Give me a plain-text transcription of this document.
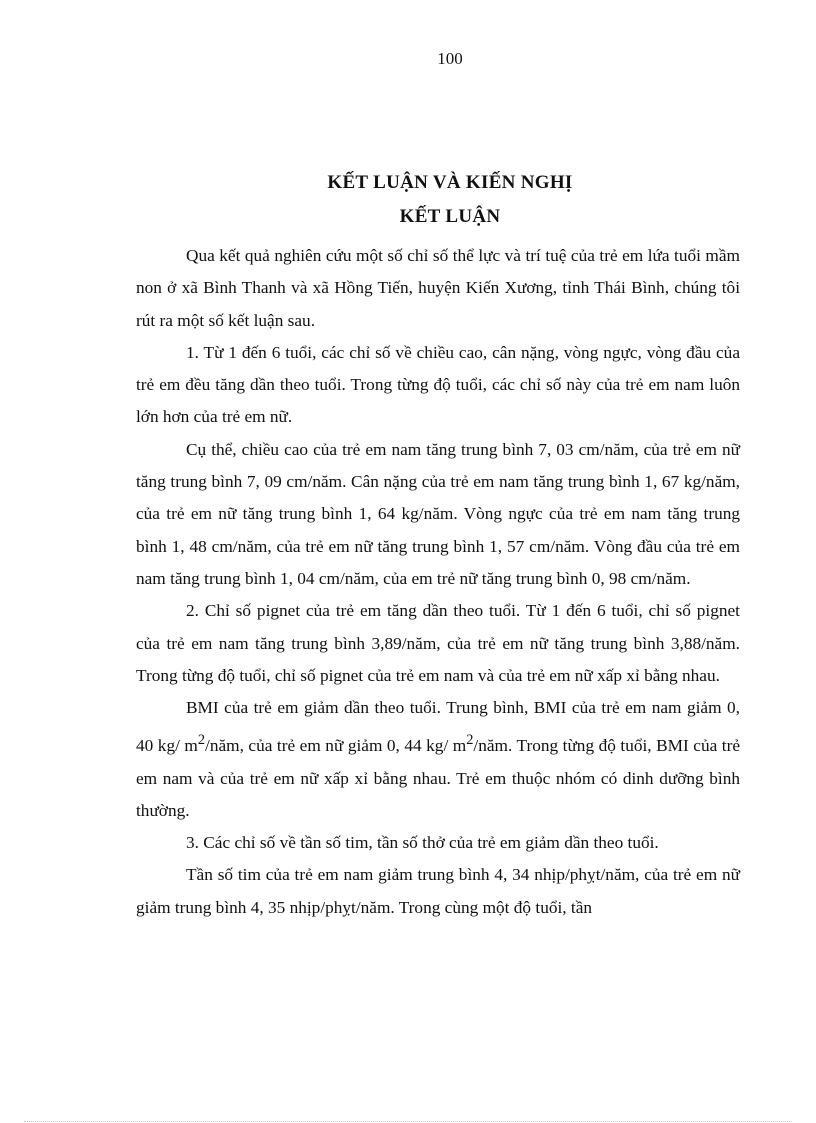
100
KẾT LUẬN VÀ KIẾN NGHỊ
KẾT LUẬN

Qua kết quả nghiên cứu một số chỉ số thể lực và trí tuệ của trẻ em lứa tuổi mầm non ở xã Bình Thanh và xã Hồng Tiến, huyện Kiến Xương, tỉnh Thái Bình, chúng tôi rút ra một số kết luận sau.

1. Từ 1 đến 6 tuổi, các chỉ số về chiều cao, cân nặng, vòng ngực, vòng đầu của trẻ em đều tăng dần theo tuổi. Trong từng độ tuổi, các chỉ số này của trẻ em nam luôn lớn hơn của trẻ em nữ.

Cụ thể, chiều cao của trẻ em nam tăng trung bình 7, 03 cm/năm, của trẻ em nữ tăng trung bình 7, 09 cm/năm. Cân nặng của trẻ em nam tăng trung bình 1, 67 kg/năm, của trẻ em nữ tăng trung bình 1, 64 kg/năm. Vòng ngực của trẻ em nam tăng trung bình 1, 48 cm/năm, của trẻ em nữ tăng trung bình 1, 57 cm/năm. Vòng đầu của trẻ em nam tăng trung bình 1, 04 cm/năm, của em trẻ nữ tăng trung bình 0, 98 cm/năm.

2. Chỉ số pignet của trẻ em tăng dần theo tuổi. Từ 1 đến 6 tuổi, chỉ số pignet của trẻ em nam tăng trung bình 3,89/năm, của trẻ em nữ tăng trung bình 3,88/năm. Trong từng độ tuổi, chỉ số pignet của trẻ em nam và của trẻ em nữ xấp xỉ bằng nhau.

BMI của trẻ em giảm dần theo tuổi. Trung bình, BMI của trẻ em nam giảm 0, 40 kg/ $m^2$/năm, của trẻ em nữ giảm 0, 44 kg/ $m^2$/năm. Trong từng độ tuổi, BMI của trẻ em nam và của trẻ em nữ xấp xỉ bằng nhau. Trẻ em thuộc nhóm có dinh dưỡng bình thường.

3. Các chỉ số về tần số tim, tần số thở của trẻ em giảm dần theo tuổi.

Tần số tim của trẻ em nam giảm trung bình 4, 34 nhịp/phỵt/năm, của trẻ em nữ giảm trung bình 4, 35 nhịp/phỵt/năm. Trong cùng một độ tuổi, tần
